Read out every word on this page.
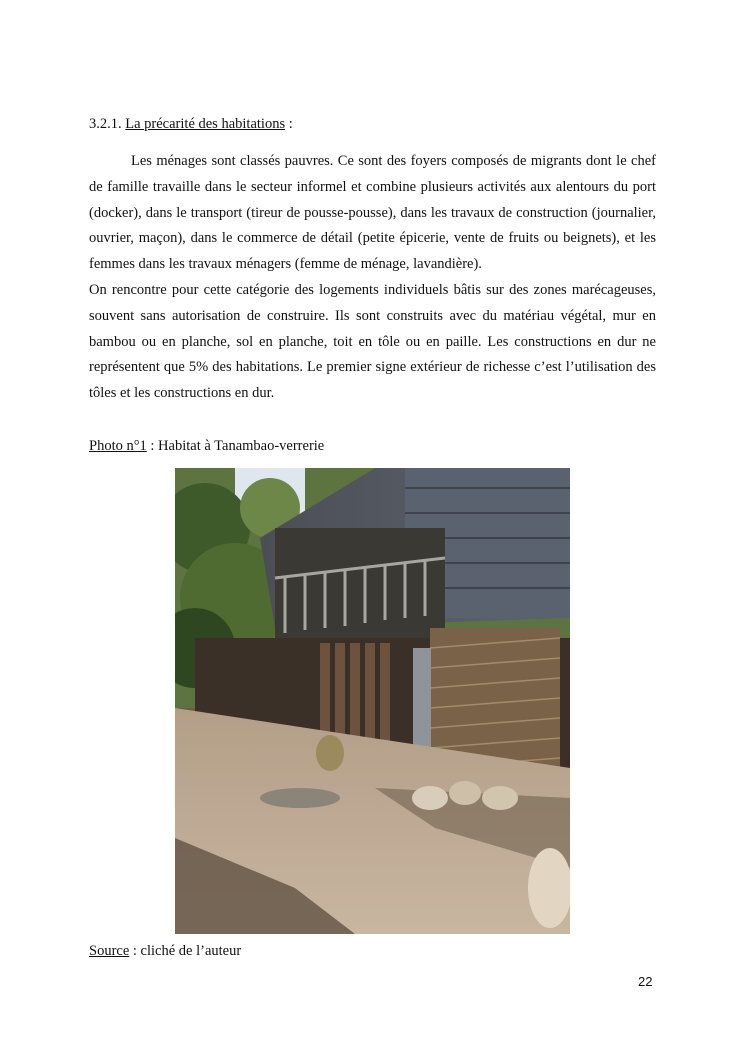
3.2.1. La précarité des habitations :

Les ménages sont classés pauvres. Ce sont des foyers composés de migrants dont le chef de famille travaille dans le secteur informel et combine plusieurs activités aux alentours du port (docker), dans le transport (tireur de pousse-pousse), dans les travaux de construction (journalier, ouvrier, maçon), dans le commerce de détail (petite épicerie, vente de fruits ou beignets), et les femmes dans les travaux ménagers (femme de ménage, lavandière).

On rencontre pour cette catégorie des logements individuels bâtis sur des zones marécageuses, souvent sans autorisation de construire. Ils sont construits avec du matériau végétal, mur en bambou ou en planche, sol en planche, toit en tôle ou en paille. Les constructions en dur ne représentent que 5% des habitations. Le premier signe extérieur de richesse c’est l’utilisation des tôles et les constructions en dur.

Photo n°1 : Habitat à Tanambao-verrerie
Source : cliché de l’auteur
22
